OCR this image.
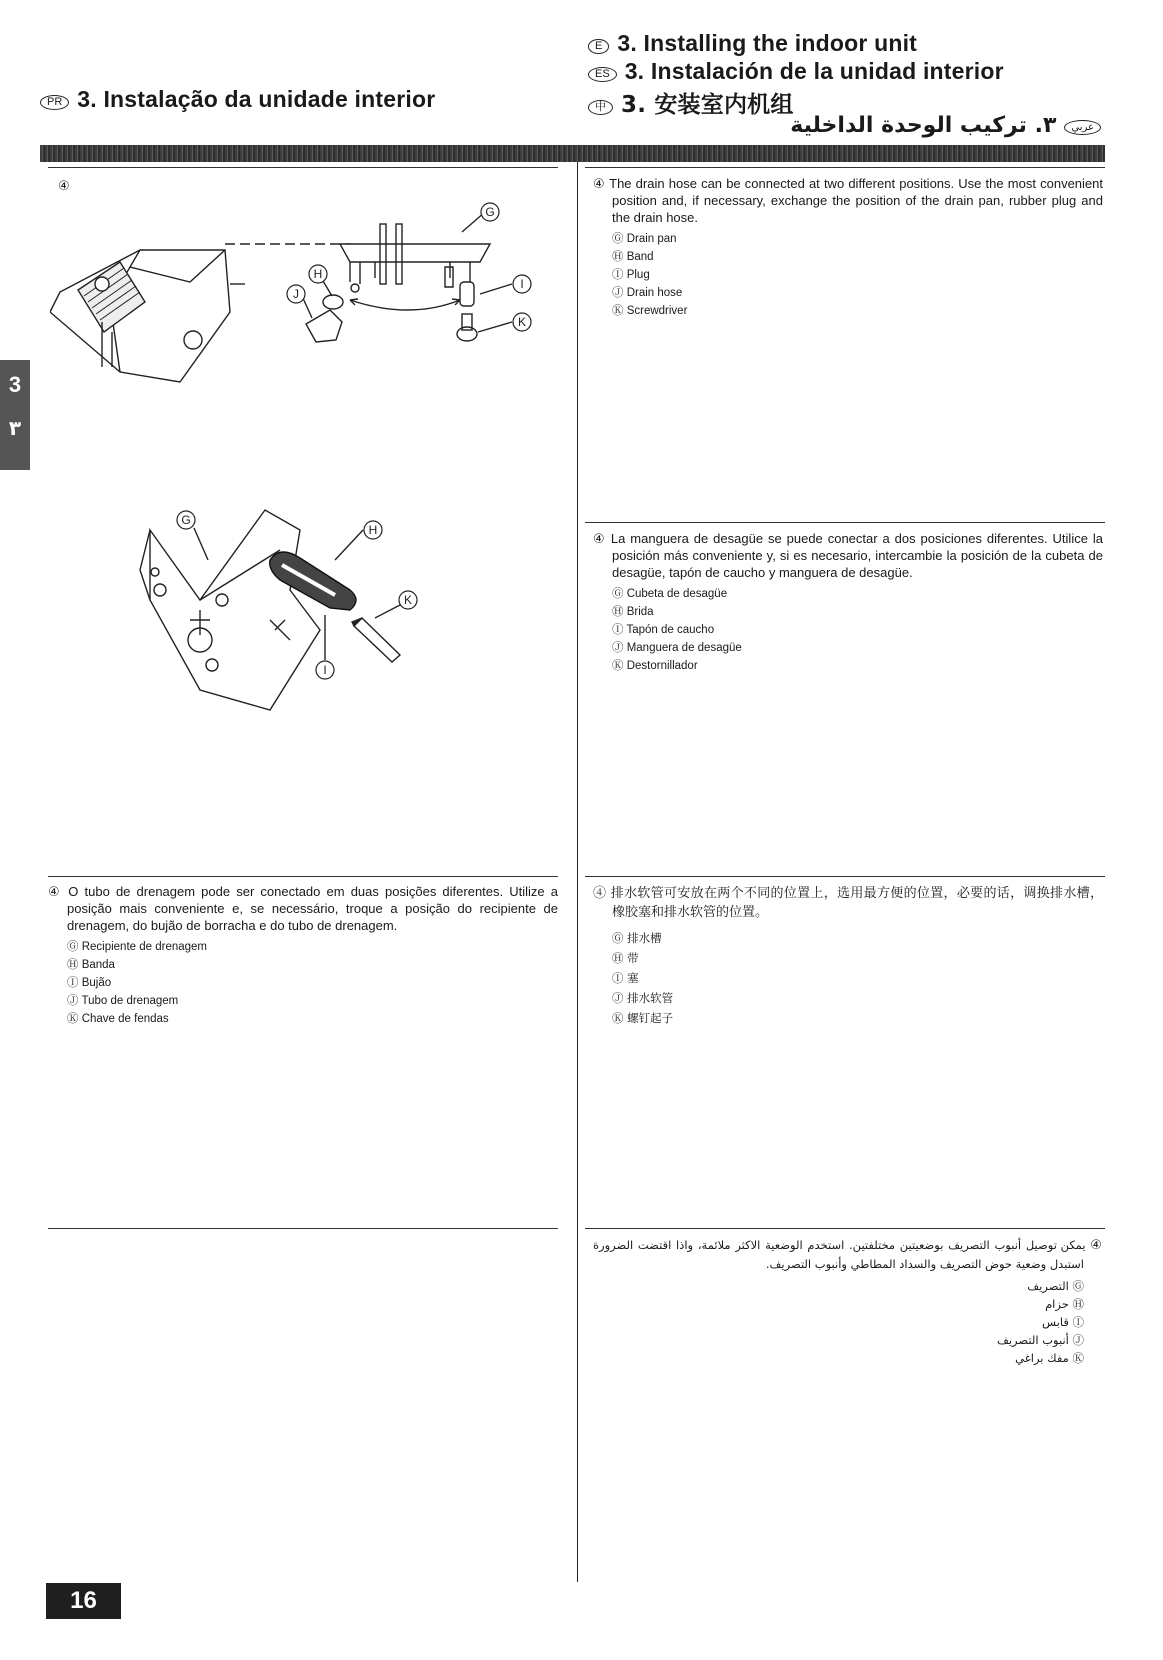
E 3. Installing the indoor unit
ES 3. Instalación de la unidad interior
PR 3. Instalação da unidade interior	中 3. 安装室内机组
عربي٣. تركيب الوحدة الداخلية
3
٣
④
G
H
J
I
K
G
H
K
I

④ The drain hose can be connected at two different positions. Use the most convenient position and, if necessary, exchange the position of the drain pan, rubber plug and the drain hose.

Ⓖ Drain pan
Ⓗ Band
Ⓘ Plug
Ⓙ Drain hose
Ⓚ Screwdriver

④ La manguera de desagüe se puede conectar a dos posiciones diferentes. Utilice la posición más conveniente y, si es necesario, intercambie la posición de la cubeta de desagüe, tapón de caucho y manguera de desagüe.

Ⓖ Cubeta de desagüe
Ⓗ Brida
Ⓘ Tapón de caucho
Ⓙ Manguera de desagüe
Ⓚ Destornillador

④ O tubo de drenagem pode ser conectado em duas posições diferentes. Utilize a posição mais conveniente e, se necessário, troque a posição do recipiente de drenagem, do bujão de borracha e do tubo de drenagem.

Ⓖ Recipiente de drenagem
Ⓗ Banda
Ⓘ Bujão
Ⓙ Tubo de drenagem
Ⓚ Chave de fendas

④ 排水软管可安放在两个不同的位置上，选用最方便的位置，必要的话，调换排水槽，橡胶塞和排水软管的位置。

Ⓖ 排水槽
Ⓗ 带
Ⓘ 塞
Ⓙ 排水软管
Ⓚ 螺钉起子

④ يمكن توصيل أنبوب التصريف بوضعيتين مختلفتين. استخدم الوضعية الاكثر ملائمة، واذا اقتضت الضرورة استبدل وضعية حوض التصريف والسداد المطاطي وأنبوب التصريف.

Ⓖ التصريف
Ⓗ حزام
Ⓘ قابس
Ⓙ أنبوب التصريف
Ⓚ مفك براغي
16
